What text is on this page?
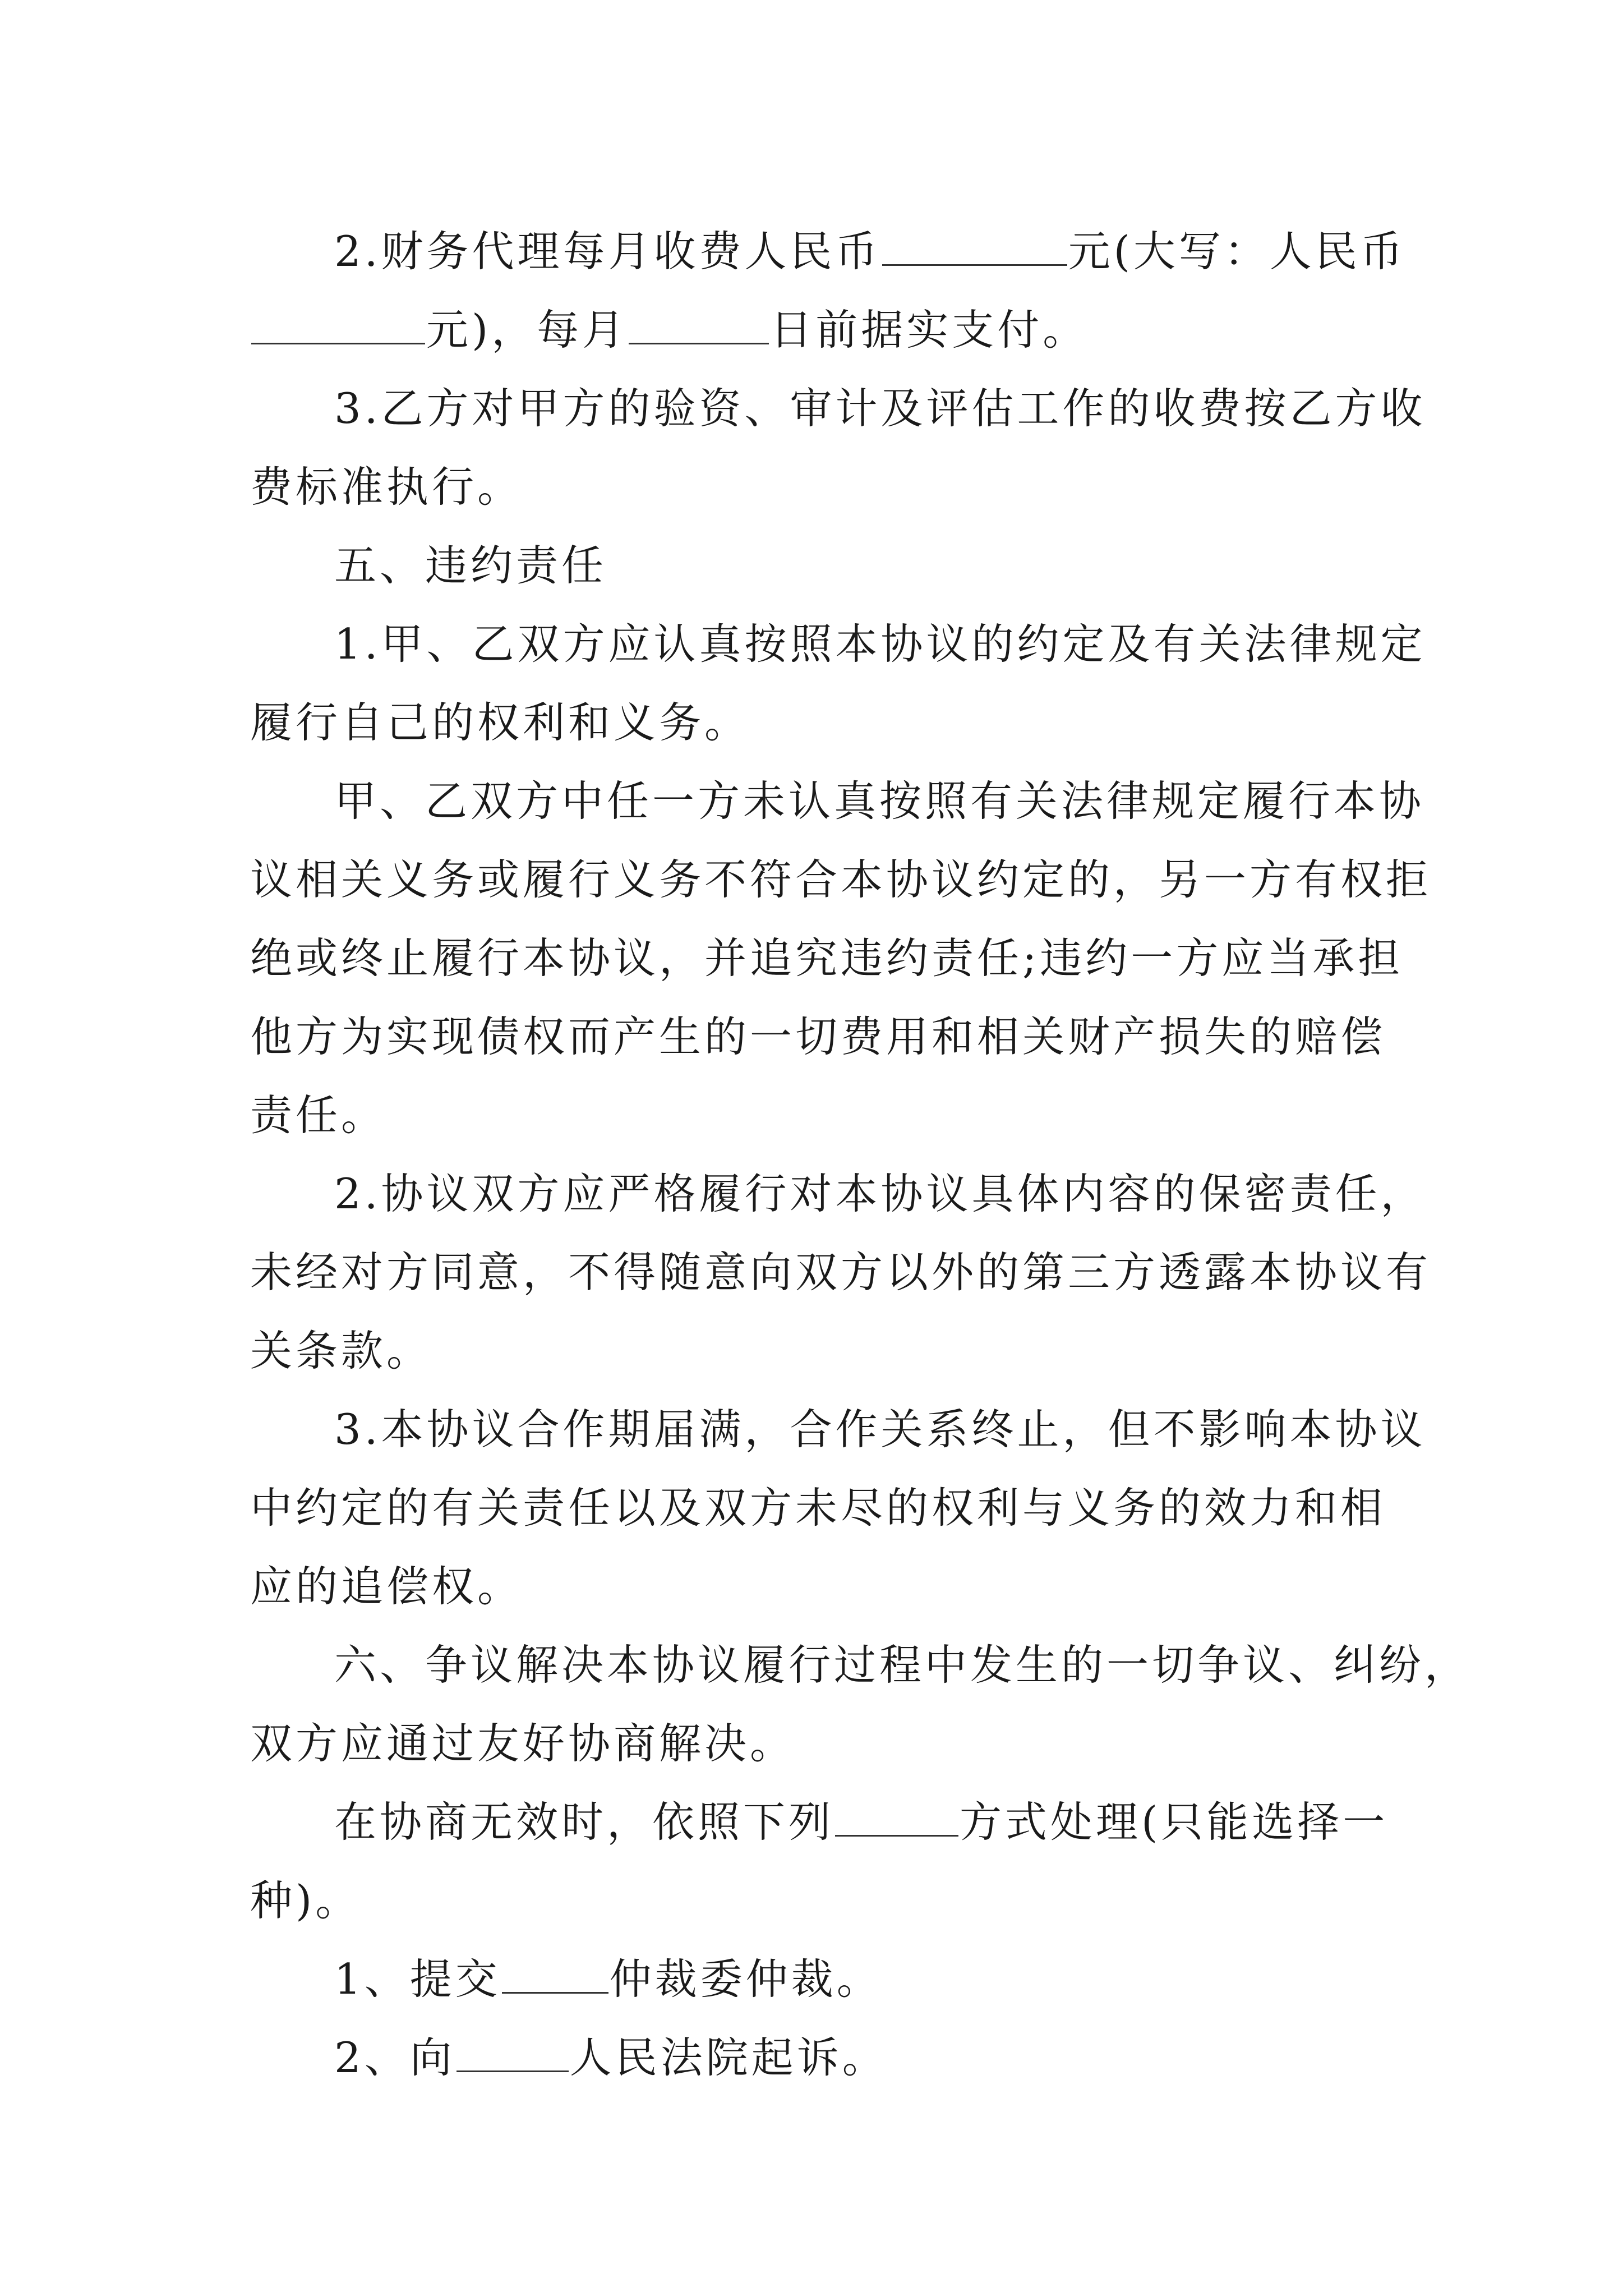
2.财务代理每月收费人民币	元(大写：人民币
元)，每月	日前据实支付。
3.乙方对甲方的验资、审计及评估工作的收费按乙方收
费标准执行。
五、违约责任
1.甲、乙双方应认真按照本协议的约定及有关法律规定
履行自己的权利和义务。
甲、乙双方中任一方未认真按照有关法律规定履行本协
议相关义务或履行义务不符合本协议约定的，另一方有权拒
绝或终止履行本协议，并追究违约责任;违约一方应当承担
他方为实现债权而产生的一切费用和相关财产损失的赔偿
责任。
2.协议双方应严格履行对本协议具体内容的保密责任，
未经对方同意，不得随意向双方以外的第三方透露本协议有
关条款。
3.本协议合作期届满，合作关系终止，但不影响本协议
中约定的有关责任以及双方未尽的权利与义务的效力和相
应的追偿权。
六、争议解决本协议履行过程中发生的一切争议、纠纷，
双方应通过友好协商解决。
在协商无效时，依照下列	方式处理(只能选择一
种)。
1、提交	仲裁委仲裁。
2、向	人民法院起诉。
